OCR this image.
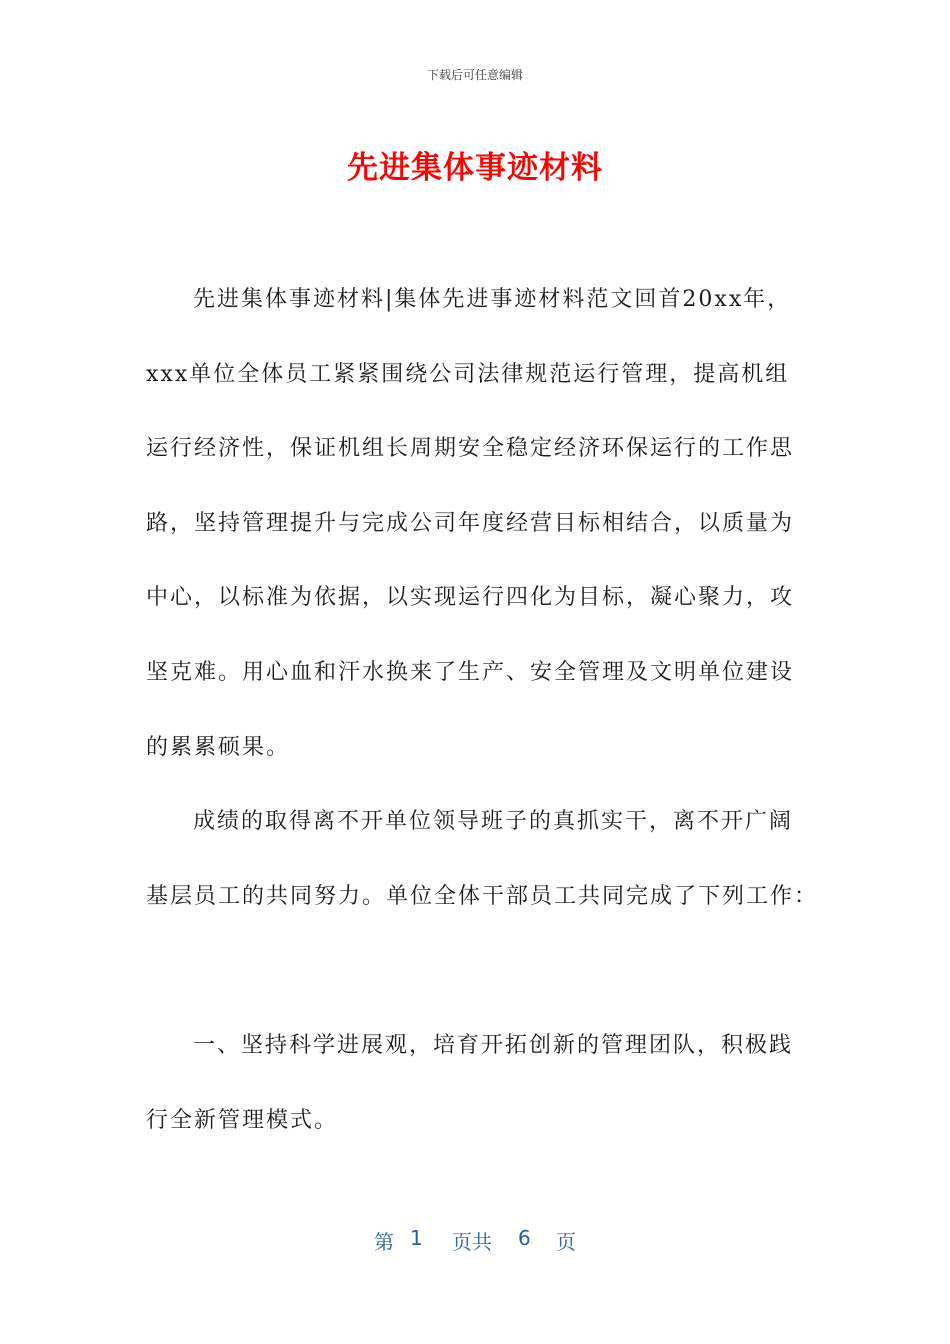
下载后可任意编辑
先进集体事迹材料
先进集体事迹材料|集体先进事迹材料范文回首20xx年，
xxx单位全体员工紧紧围绕公司法律规范运行管理，提高机组
运行经济性，保证机组长周期安全稳定经济环保运行的工作思
路，坚持管理提升与完成公司年度经营目标相结合，以质量为
中心，以标准为依据，以实现运行四化为目标，凝心聚力，攻
坚克难。用心血和汗水换来了生产、安全管理及文明单位建设
的累累硕果。
成绩的取得离不开单位领导班子的真抓实干，离不开广阔
基层员工的共同努力。单位全体干部员工共同完成了下列工作：
一、坚持科学进展观，培育开拓创新的管理团队，积极践
行全新管理模式。
第 1 页共 6 页
